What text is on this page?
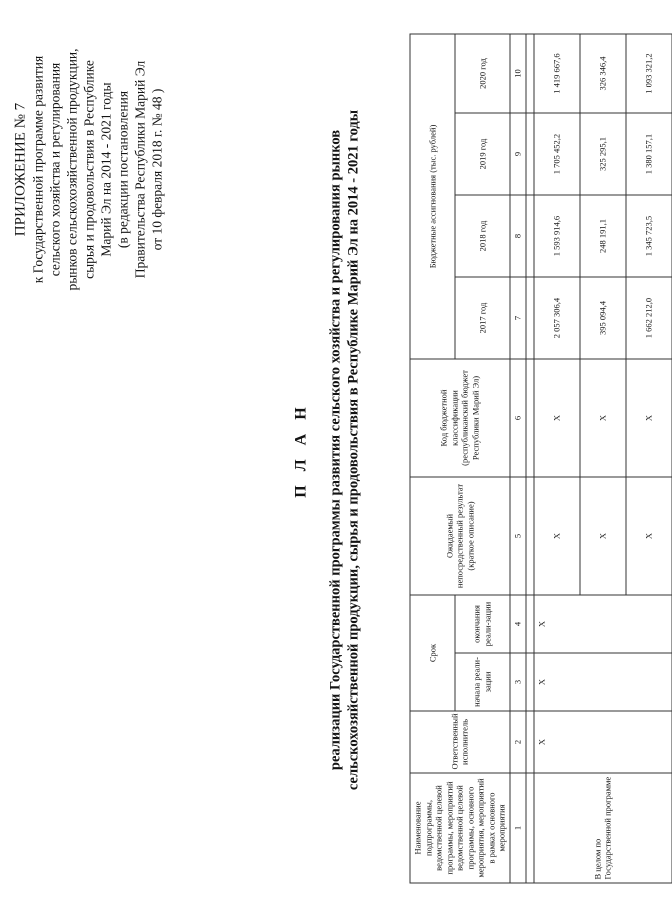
ПРИЛОЖЕНИЕ № 7 к Государственной программе развития сельского хозяйства и регулирования рынков сельскохозяйственной продукции, сырья и продовольствия в Республике Марий Эл на 2014 - 2021 годы (в редакции постановления Правительства Республики Марий Эл от 10 февраля 2018 г. № 48 )
П Л А Н реализации Государственной программы развития сельского хозяйства и регулирования рынков сельскохозяйственной продукции, сырья и продовольствия в Республике Марий Эл на 2014 - 2021 годы
Наименование подпрограммы, ведомственной целевой программы, мероприятий ведомственной целевой программы, основного мероприятия, мероприятий в рамках основного мероприятия	Ответственный исполнитель	Срок		Ожидаемый непосредственный результат (краткое описание)	Код бюджетной классификации (республиканский бюджет Республики Марий Эл)	Бюджетные ассигнования (тыс. рублей)			
		начала реали-зации	окончания реали-зации			2017 год	2018 год	2019 год	2020 год

1	2	3	4	5	6	7	8	9	10

В целом по Государственной программе	Х	Х	Х	Х	Х	2 057 306,4	1 593 914,6	1 705 452,2	1 419 667,6
				Х	Х	395 094,4	248 191,1	325 295,1	326 346,4
				Х	Х	1 662 212,0	1 345 723,5	1 380 157,1	1 093 321,2
